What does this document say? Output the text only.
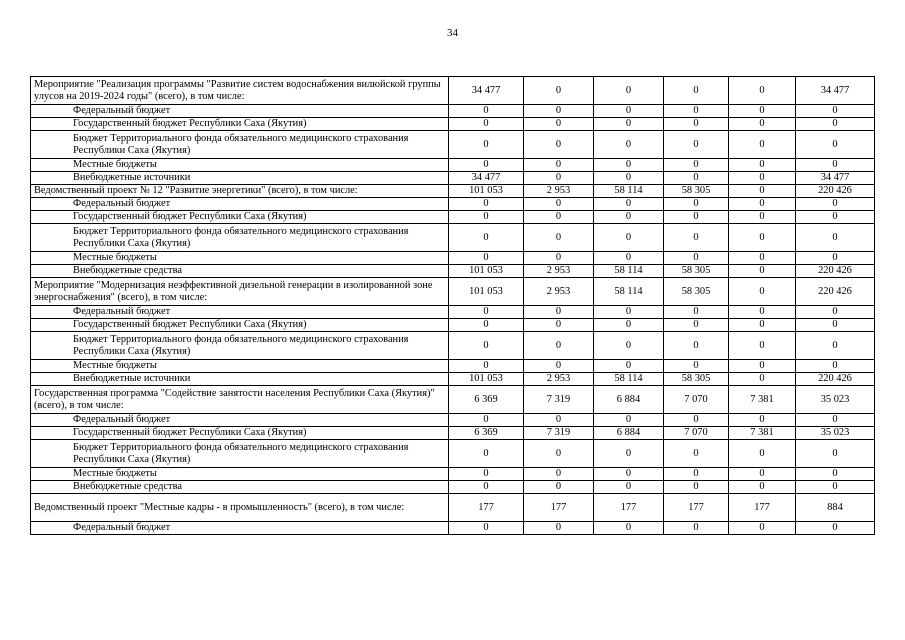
34
Мероприятие "Реализация программы "Развитие систем водоснабжения вилюйской группы улусов на 2019-2024 годы" (всего), в том числе:	34 477	0	0	0	0	34 477
Федеральный бюджет	0	0	0	0	0	0
Государственный бюджет Республики Саха (Якутия)	0	0	0	0	0	0
Бюджет Территориального фонда обязательного медицинского страхования Республики Саха (Якутия)	0	0	0	0	0	0
Местные бюджеты	0	0	0	0	0	0
Внебюджетные источники	34 477	0	0	0	0	34 477
Ведомственный проект № 12 "Развитие энергетики" (всего), в том числе:	101 053	2 953	58 114	58 305	0	220 426
Федеральный бюджет	0	0	0	0	0	0
Государственный бюджет Республики Саха (Якутия)	0	0	0	0	0	0
Бюджет Территориального фонда обязательного медицинского страхования Республики Саха (Якутия)	0	0	0	0	0	0
Местные бюджеты	0	0	0	0	0	0
Внебюджетные средства	101 053	2 953	58 114	58 305	0	220 426
Мероприятие "Модернизация неэффективной дизельной генерации в изолированной зоне энергоснабжения" (всего), в том числе:	101 053	2 953	58 114	58 305	0	220 426
Федеральный бюджет	0	0	0	0	0	0
Государственный бюджет Республики Саха (Якутия)	0	0	0	0	0	0
Бюджет Территориального фонда обязательного медицинского страхования Республики Саха (Якутия)	0	0	0	0	0	0
Местные бюджеты	0	0	0	0	0	0
Внебюджетные источники	101 053	2 953	58 114	58 305	0	220 426
Государственная программа "Содействие занятости населения Республики Саха (Якутия)" (всего), в том числе:	6 369	7 319	6 884	7 070	7 381	35 023
Федеральный бюджет	0	0	0	0	0	0
Государственный бюджет Республики Саха (Якутия)	6 369	7 319	6 884	7 070	7 381	35 023
Бюджет Территориального фонда обязательного медицинского страхования Республики Саха (Якутия)	0	0	0	0	0	0
Местные бюджеты	0	0	0	0	0	0
Внебюджетные средства	0	0	0	0	0	0
Ведомственный проект "Местные кадры - в промышленность" (всего), в том числе:	177	177	177	177	177	884
Федеральный бюджет	0	0	0	0	0	0
